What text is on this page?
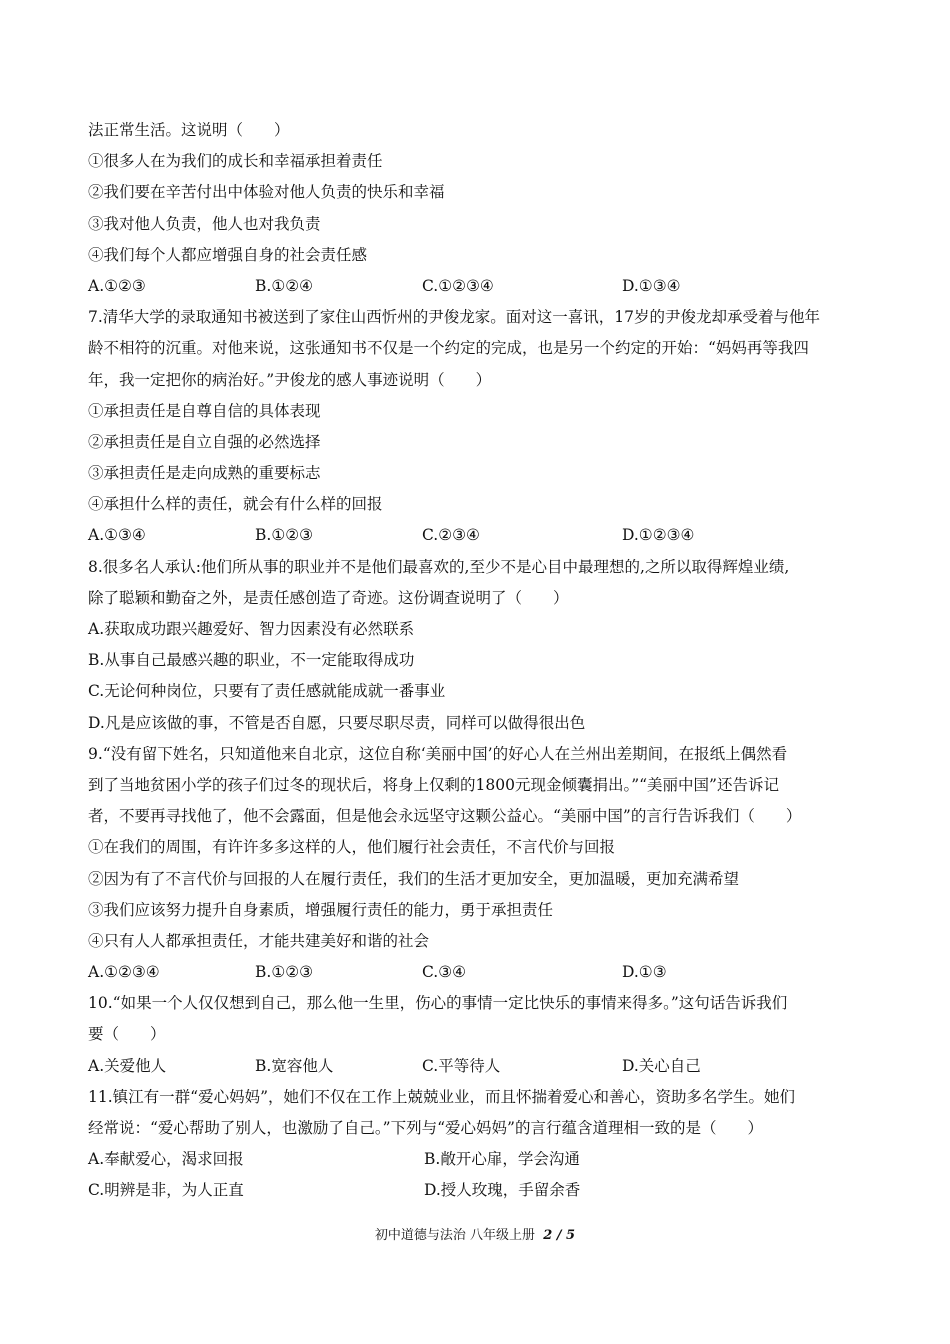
法正常生活。这说明（　　）
①很多人在为我们的成长和幸福承担着责任
②我们要在辛苦付出中体验对他人负责的快乐和幸福
③我对他人负责，他人也对我负责
④我们每个人都应增强自身的社会责任感
A.①②③	B.①②④	C.①②③④	D.①③④
7.清华大学的录取通知书被送到了家住山西忻州的尹俊龙家。面对这一喜讯，17岁的尹俊龙却承受着与他年
龄不相符的沉重。对他来说，这张通知书不仅是一个约定的完成，也是另一个约定的开始：“妈妈再等我四
年，我一定把你的病治好。”尹俊龙的感人事迹说明（　　）
①承担责任是自尊自信的具体表现
②承担责任是自立自强的必然选择
③承担责任是走向成熟的重要标志
④承担什么样的责任，就会有什么样的回报
A.①③④	B.①②③	C.②③④	D.①②③④
8.很多名人承认:他们所从事的职业并不是他们最喜欢的,至少不是心目中最理想的,之所以取得辉煌业绩,
除了聪颖和勤奋之外，是责任感创造了奇迹。这份调查说明了（　　）
A.获取成功跟兴趣爱好、智力因素没有必然联系
B.从事自己最感兴趣的职业，不一定能取得成功
C.无论何种岗位，只要有了责任感就能成就一番事业
D.凡是应该做的事，不管是否自愿，只要尽职尽责，同样可以做得很出色
9.“没有留下姓名，只知道他来自北京，这位自称‘美丽中国’的好心人在兰州出差期间，在报纸上偶然看
到了当地贫困小学的孩子们过冬的现状后，将身上仅剩的1800元现金倾囊捐出。”“美丽中国”还告诉记
者，不要再寻找他了，他不会露面，但是他会永远坚守这颗公益心。“美丽中国”的言行告诉我们（　　）
①在我们的周围，有许许多多这样的人，他们履行社会责任，不言代价与回报
②因为有了不言代价与回报的人在履行责任，我们的生活才更加安全，更加温暖，更加充满希望
③我们应该努力提升自身素质，增强履行责任的能力，勇于承担责任
④只有人人都承担责任，才能共建美好和谐的社会
A.①②③④	B.①②③	C.③④	D.①③
10.“如果一个人仅仅想到自己，那么他一生里，伤心的事情一定比快乐的事情来得多。”这句话告诉我们
要（　　）
A.关爱他人	B.宽容他人	C.平等待人	D.关心自己
11.镇江有一群“爱心妈妈”，她们不仅在工作上兢兢业业，而且怀揣着爱心和善心，资助多名学生。她们
经常说：“爱心帮助了别人，也激励了自己。”下列与“爱心妈妈”的言行蕴含道理相一致的是（　　）
A.奉献爱心，渴求回报	B.敞开心扉，学会沟通
C.明辨是非，为人正直	D.授人玫瑰，手留余香
初中道德与法治 八年级上册 2 / 5
